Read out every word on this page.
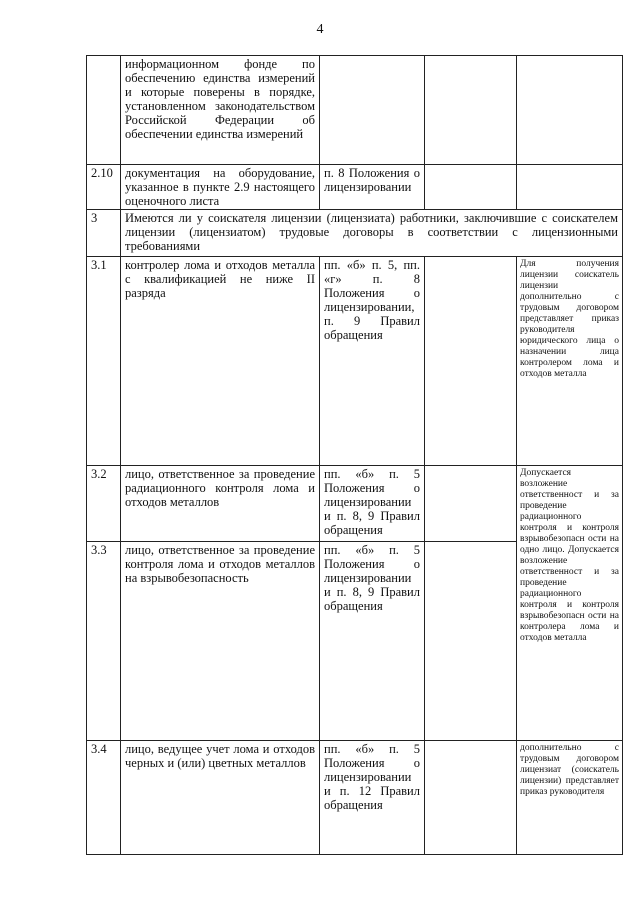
4
	информационном фонде по обеспечению единства измерений и которые поверены в порядке, установленном законодательством Российской Федерации об обеспечении единства измерений			
2.10	документация на оборудование, указанное в пункте 2.9 настоящего оценочного листа	п. 8 Положения о лицензировании		
3	Имеются ли у соискателя лицензии (лицензиата) работники, заключившие с соискателем лицензии (лицензиатом) трудовые договоры в соответствии с лицензионными требованиями			
3.1	контролер лома и отходов металла с квалификацией не ниже II разряда	пп. «б» п. 5, пп. «г» п. 8 Положения о лицензировании, п. 9 Правил обращения		Для получения лицензии соискатель лицензии дополнительно с трудовым договором представляет приказ руководителя юридического лица о назначении лица контролером лома и отходов металла
3.2	лицо, ответственное за проведение радиационного контроля лома и отходов металлов	пп. «б» п. 5 Положения о лицензировании и п. 8, 9 Правил обращения		Допускается возложение ответственност и за проведение радиационного контроля и контроля взрывобезопасн ости на одно лицо. Допускается возложение ответственност и за проведение радиационного контроля и контроля взрывобезопасн ости на контролера лома и отходов металла
3.3	лицо, ответственное за проведение контроля лома и отходов металлов на взрывобезопасность	пп. «б» п. 5 Положения о лицензировании и п. 8, 9 Правил обращения		
3.4	лицо, ведущее учет лома и отходов черных и (или) цветных металлов	пп. «б» п. 5 Положения о лицензировании и п. 12 Правил обращения		дополнительно с трудовым договором лицензиат (соискатель лицензии) представляет приказ руководителя
